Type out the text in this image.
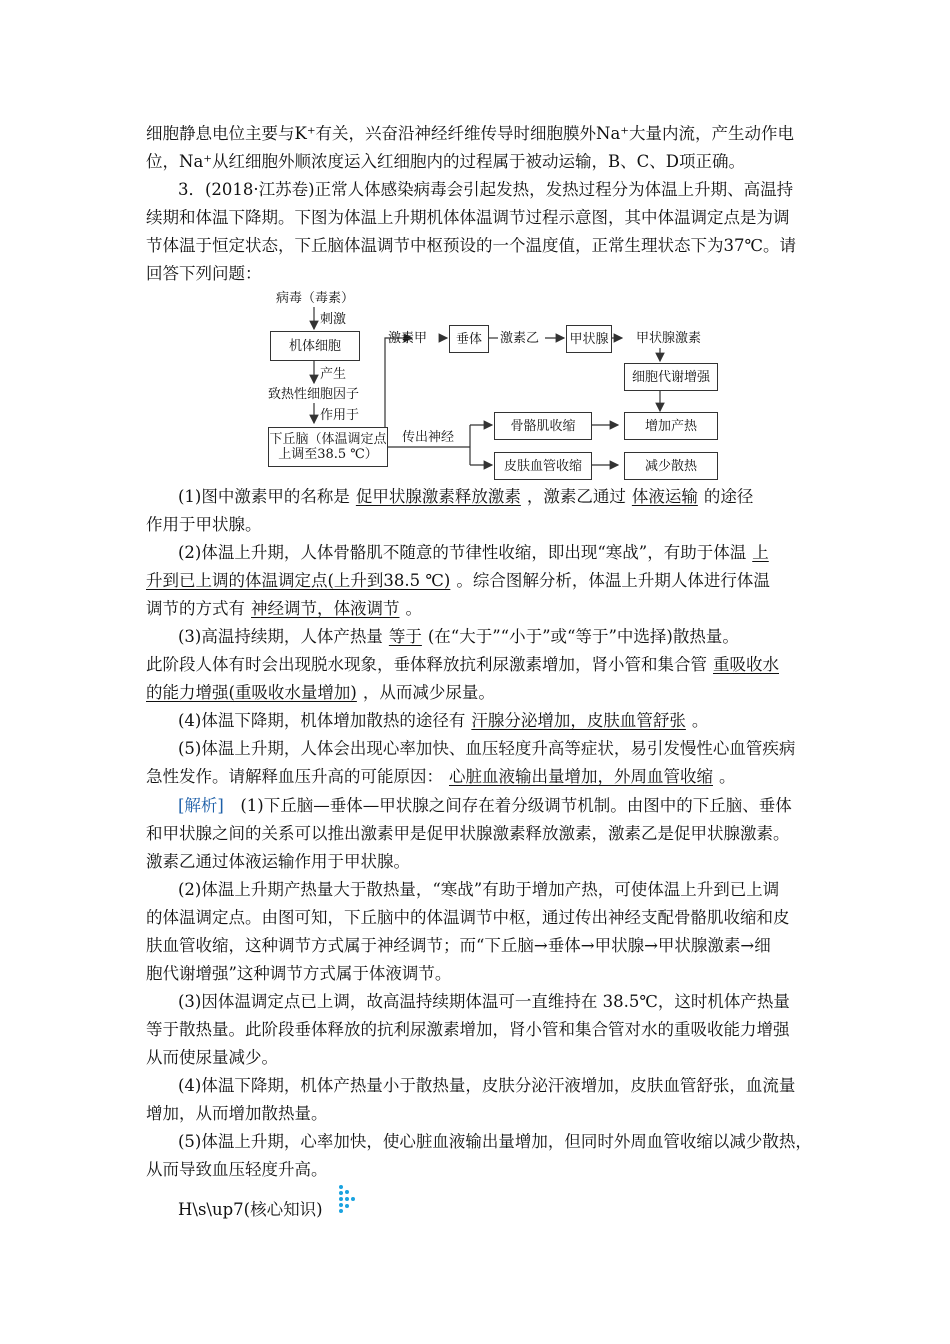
细胞静息电位主要与K⁺有关，兴奋沿神经纤维传导时细胞膜外Na⁺大量内流，产生动作电
位，Na⁺从红细胞外顺浓度运入红细胞内的过程属于被动运输，B、C、D项正确。
3．(2018·江苏卷)正常人体感染病毒会引起发热，发热过程分为体温上升期、高温持
续期和体温下降期。下图为体温上升期机体体温调节过程示意图，其中体温调定点是为调
节体温于恒定状态，下丘脑体温调节中枢预设的一个温度值，正常生理状态下为37℃。请
回答下列问题：
病毒（毒素）
刺激
机体细胞
产生
致热性细胞因子
作用于
下丘脑（体温调定点上调至38.5 ℃）
激素甲	垂体	激素乙 甲状腺 甲状腺激素
细胞代谢增强
传出神经
骨骼肌收缩	增加产热
皮肤血管收缩	减少散热
(1)图中激素甲的名称是 促甲状腺激素释放激素 ，激素乙通过 体液运输 的途径
作用于甲状腺。
(2)体温上升期，人体骨骼肌不随意的节律性收缩，即出现“寒战”，有助于体温 上
升到已上调的体温调定点(上升到38.5 ℃) 。综合图解分析，体温上升期人体进行体温
调节的方式有 神经调节，体液调节 。
(3)高温持续期，人体产热量 等于 (在“大于”“小于”或“等于”中选择)散热量。
此阶段人体有时会出现脱水现象，垂体释放抗利尿激素增加，肾小管和集合管 重吸收水
的能力增强(重吸收水量增加) ，从而减少尿量。
(4)体温下降期，机体增加散热的途径有 汗腺分泌增加，皮肤血管舒张 。
(5)体温上升期，人体会出现心率加快、血压轻度升高等症状，易引发慢性心血管疾病
急性发作。请解释血压升高的可能原因： 心脏血液输出量增加，外周血管收缩 。
[解析]  (1)下丘脑—垂体—甲状腺之间存在着分级调节机制。由图中的下丘脑、垂体
和甲状腺之间的关系可以推出激素甲是促甲状腺激素释放激素，激素乙是促甲状腺激素。
激素乙通过体液运输作用于甲状腺。
(2)体温上升期产热量大于散热量，“寒战”有助于增加产热，可使体温上升到已上调
的体温调定点。由图可知，下丘脑中的体温调节中枢，通过传出神经支配骨骼肌收缩和皮
肤血管收缩，这种调节方式属于神经调节；而“下丘脑→垂体→甲状腺→甲状腺激素→细
胞代谢增强”这种调节方式属于体液调节。
(3)因体温调定点已上调，故高温持续期体温可一直维持在 38.5℃，这时机体产热量
等于散热量。此阶段垂体释放的抗利尿激素增加，肾小管和集合管对水的重吸收能力增强
从而使尿量减少。
(4)体温下降期，机体产热量小于散热量，皮肤分泌汗液增加，皮肤血管舒张，血流量
增加，从而增加散热量。
(5)体温上升期，心率加快，使心脏血液输出量增加，但同时外周血管收缩以减少散热，
从而导致血压轻度升高。
H\s\up7(核心知识)
